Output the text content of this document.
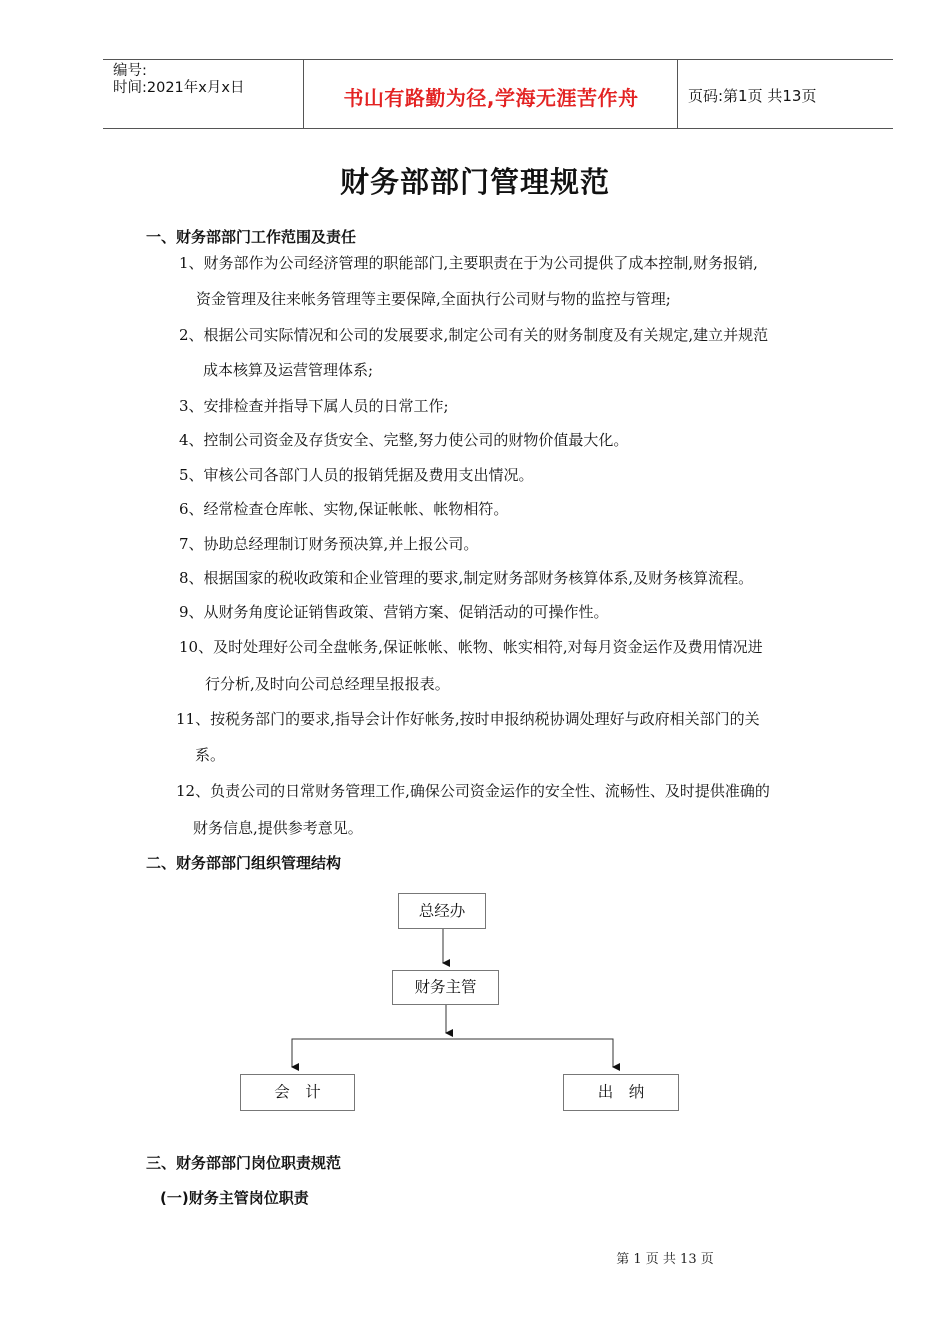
编号:
时间:2021年x月x日	书山有路勤为径,学海无涯苦作舟	页码:第1页 共13页
财务部部门管理规范
一、财务部部门工作范围及责任
1、财务部作为公司经济管理的职能部门,主要职责在于为公司提供了成本控制,财务报销,
资金管理及往来帐务管理等主要保障,全面执行公司财与物的监控与管理;
2、根据公司实际情况和公司的发展要求,制定公司有关的财务制度及有关规定,建立并规范
成本核算及运营管理体系;
3、安排检查并指导下属人员的日常工作;
4、控制公司资金及存货安全、完整,努力使公司的财物价值最大化。
5、审核公司各部门人员的报销凭据及费用支出情况。
6、经常检查仓库帐、实物,保证帐帐、帐物相符。
7、协助总经理制订财务预决算,并上报公司。
8、根据国家的税收政策和企业管理的要求,制定财务部财务核算体系,及财务核算流程。
9、从财务角度论证销售政策、营销方案、促销活动的可操作性。
10、及时处理好公司全盘帐务,保证帐帐、帐物、帐实相符,对每月资金运作及费用情况进
行分析,及时向公司总经理呈报报表。
11、按税务部门的要求,指导会计作好帐务,按时申报纳税协调处理好与政府相关部门的关
系。
12、负责公司的日常财务管理工作,确保公司资金运作的安全性、流畅性、及时提供准确的
财务信息,提供参考意见。
二、财务部部门组织管理结构
总经办
财务主管
会　计	出　纳
三、财务部部门岗位职责规范
(一)财务主管岗位职责
第 1 页 共 13 页
